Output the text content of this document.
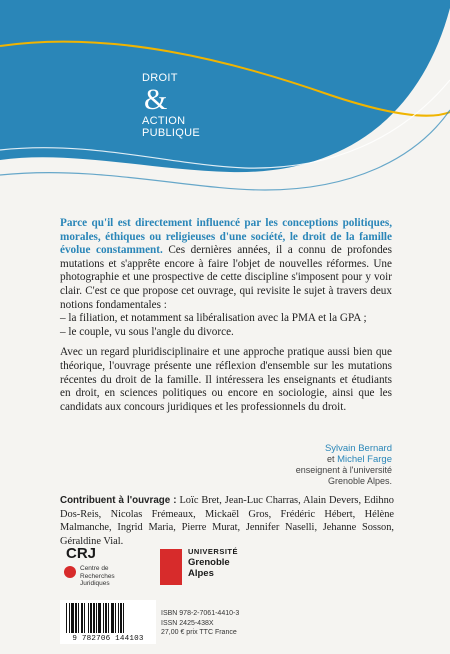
DROIT
&
ACTION
PUBLIQUE

Parce qu'il est directement influencé par les conceptions politiques, morales, éthiques ou religieuses d'une société, le droit de la famille évolue constamment. Ces dernières années, il a connu de profondes mutations et s'apprête encore à faire l'objet de nouvelles réformes. Une photographie et une prospective de cette discipline s'imposent pour y voir clair. C'est ce que propose cet ouvrage, qui revisite le sujet à travers deux notions fondamentales :

– la filiation, et notamment sa libéralisation avec la PMA et la GPA ;

– le couple, vu sous l'angle du divorce.

Avec un regard pluridisciplinaire et une approche pratique aussi bien que théorique, l'ouvrage présente une réflexion d'ensemble sur les mutations récentes du droit de la famille. Il intéressera les enseignants et étudiants en droit, en sciences politiques ou encore en sociologie, ainsi que les candidats aux concours juridiques et les professionnels du droit.

Sylvain Bernard
et Michel Farge
enseignent à l'université
Grenoble Alpes.
Contribuent à l'ouvrage : Loïc Bret, Jean-Luc Charras, Alain Devers, Edihno Dos-Reis, Nicolas Frémeaux, Mickaël Gros, Frédéric Hébert, Hélène Malmanche, Ingrid Maria, Pierre Murat, Jennifer Naselli, Jehanne Sosson, Géraldine Vial.
CRJ
Centre de
Recherches
Juridiques
UNIVERSITÉ
Grenoble
Alpes
9 782706 144103
ISBN 978-2-7061-4410-3
ISSN 2425-438X
27,00 € prix TTC France
